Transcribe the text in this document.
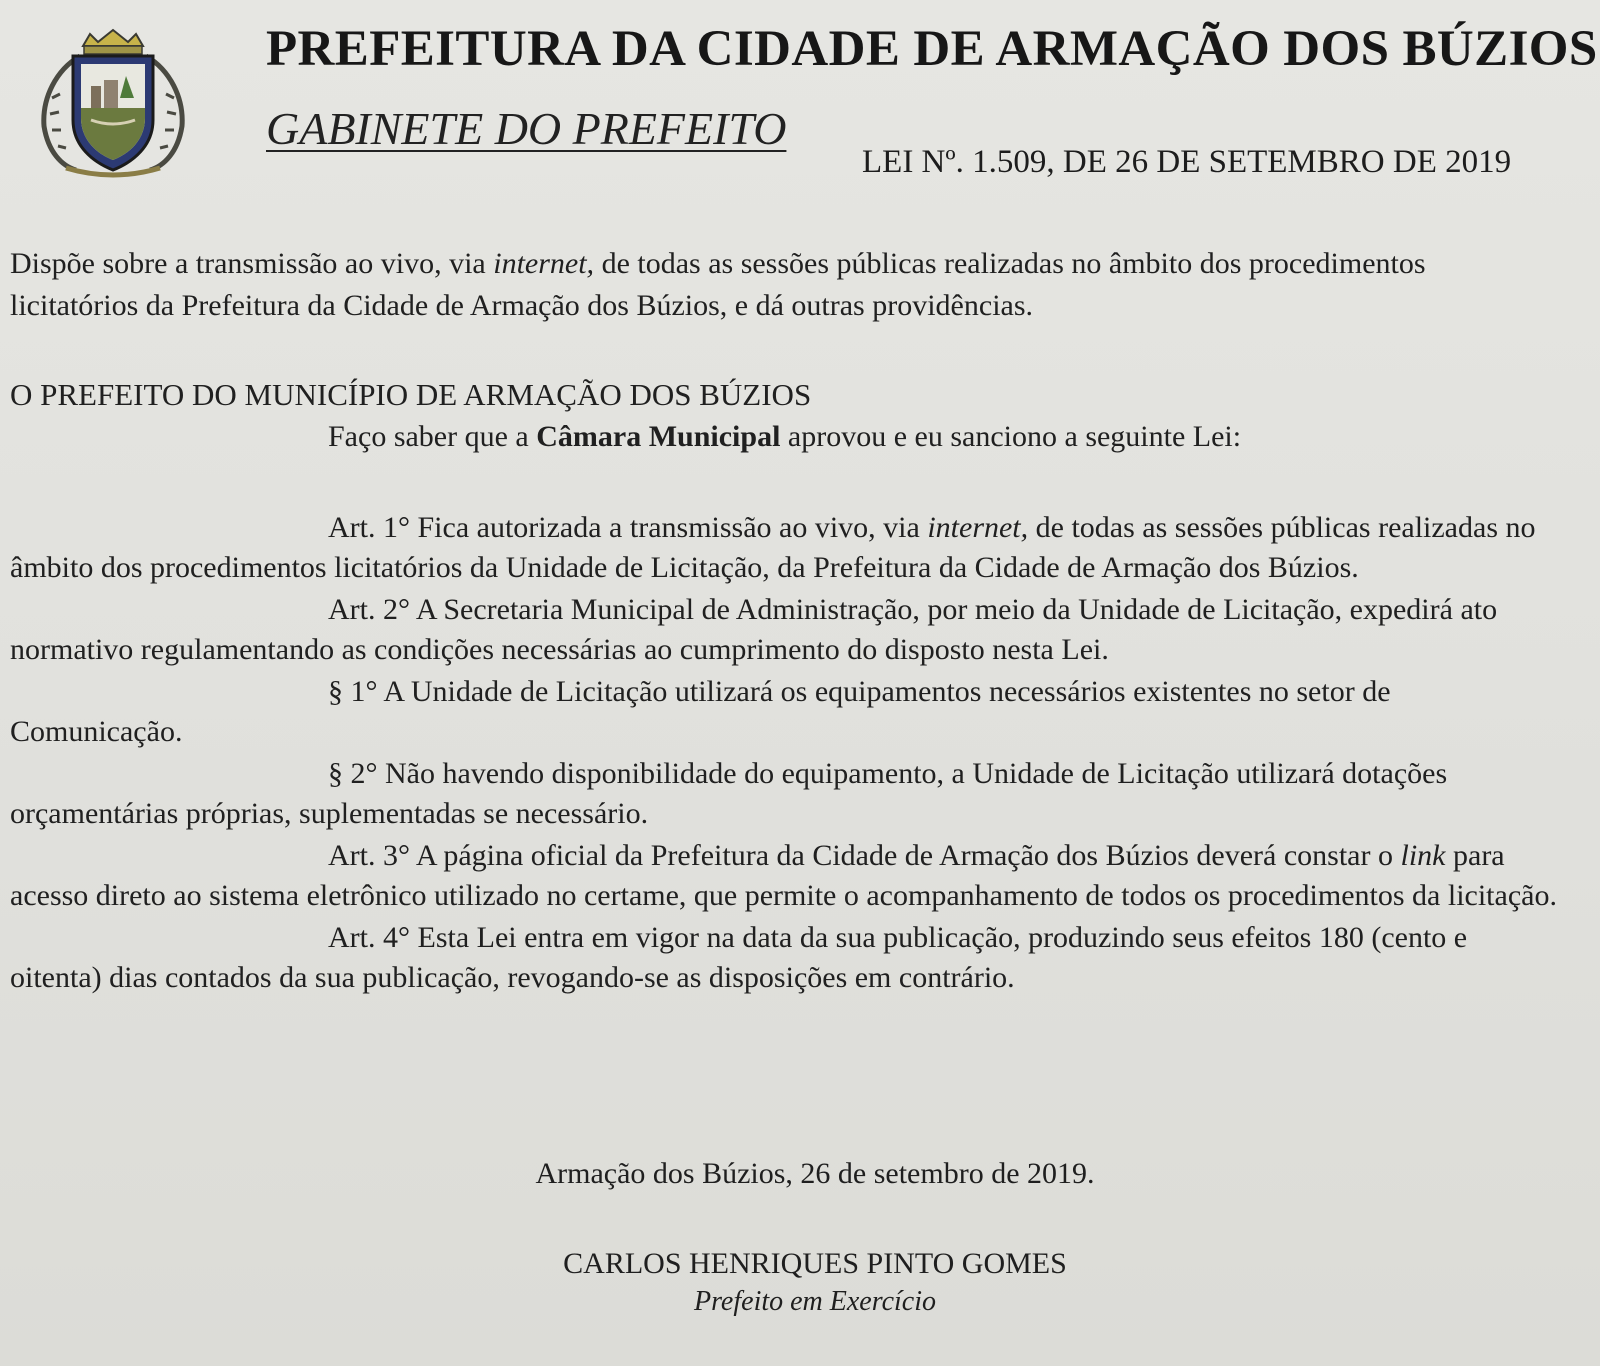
PREFEITURA DA CIDADE DE ARMAÇÃO DOS BÚZIOS
GABINETE DO PREFEITO

LEI Nº. 1.509, DE 26 DE SETEMBRO DE 2019

Dispõe sobre a transmissão ao vivo, via internet, de todas as sessões públicas realizadas no âmbito dos procedimentos licitatórios da Prefeitura da Cidade de Armação dos Búzios, e dá outras providências.

O PREFEITO DO MUNICÍPIO DE ARMAÇÃO DOS BÚZIOS

Faço saber que a Câmara Municipal aprovou e eu sanciono a seguinte Lei:

Art. 1° Fica autorizada a transmissão ao vivo, via internet, de todas as sessões públicas realizadas no âmbito dos procedimentos licitatórios da Unidade de Licitação, da Prefeitura da Cidade de Armação dos Búzios.

Art. 2° A Secretaria Municipal de Administração, por meio da Unidade de Licitação, expedirá ato normativo regulamentando as condições necessárias ao cumprimento do disposto nesta Lei.

§ 1° A Unidade de Licitação utilizará os equipamentos necessários existentes no setor de Comunicação.

§ 2° Não havendo disponibilidade do equipamento, a Unidade de Licitação utilizará dotações orçamentárias próprias, suplementadas se necessário.

Art. 3° A página oficial da Prefeitura da Cidade de Armação dos Búzios deverá constar o link para acesso direto ao sistema eletrônico utilizado no certame, que permite o acompanhamento de todos os procedimentos da licitação.

Art. 4° Esta Lei entra em vigor na data da sua publicação, produzindo seus efeitos 180 (cento e oitenta) dias contados da sua publicação, revogando-se as disposições em contrário.

Armação dos Búzios, 26 de setembro de 2019.

CARLOS HENRIQUES PINTO GOMES

Prefeito em Exercício
